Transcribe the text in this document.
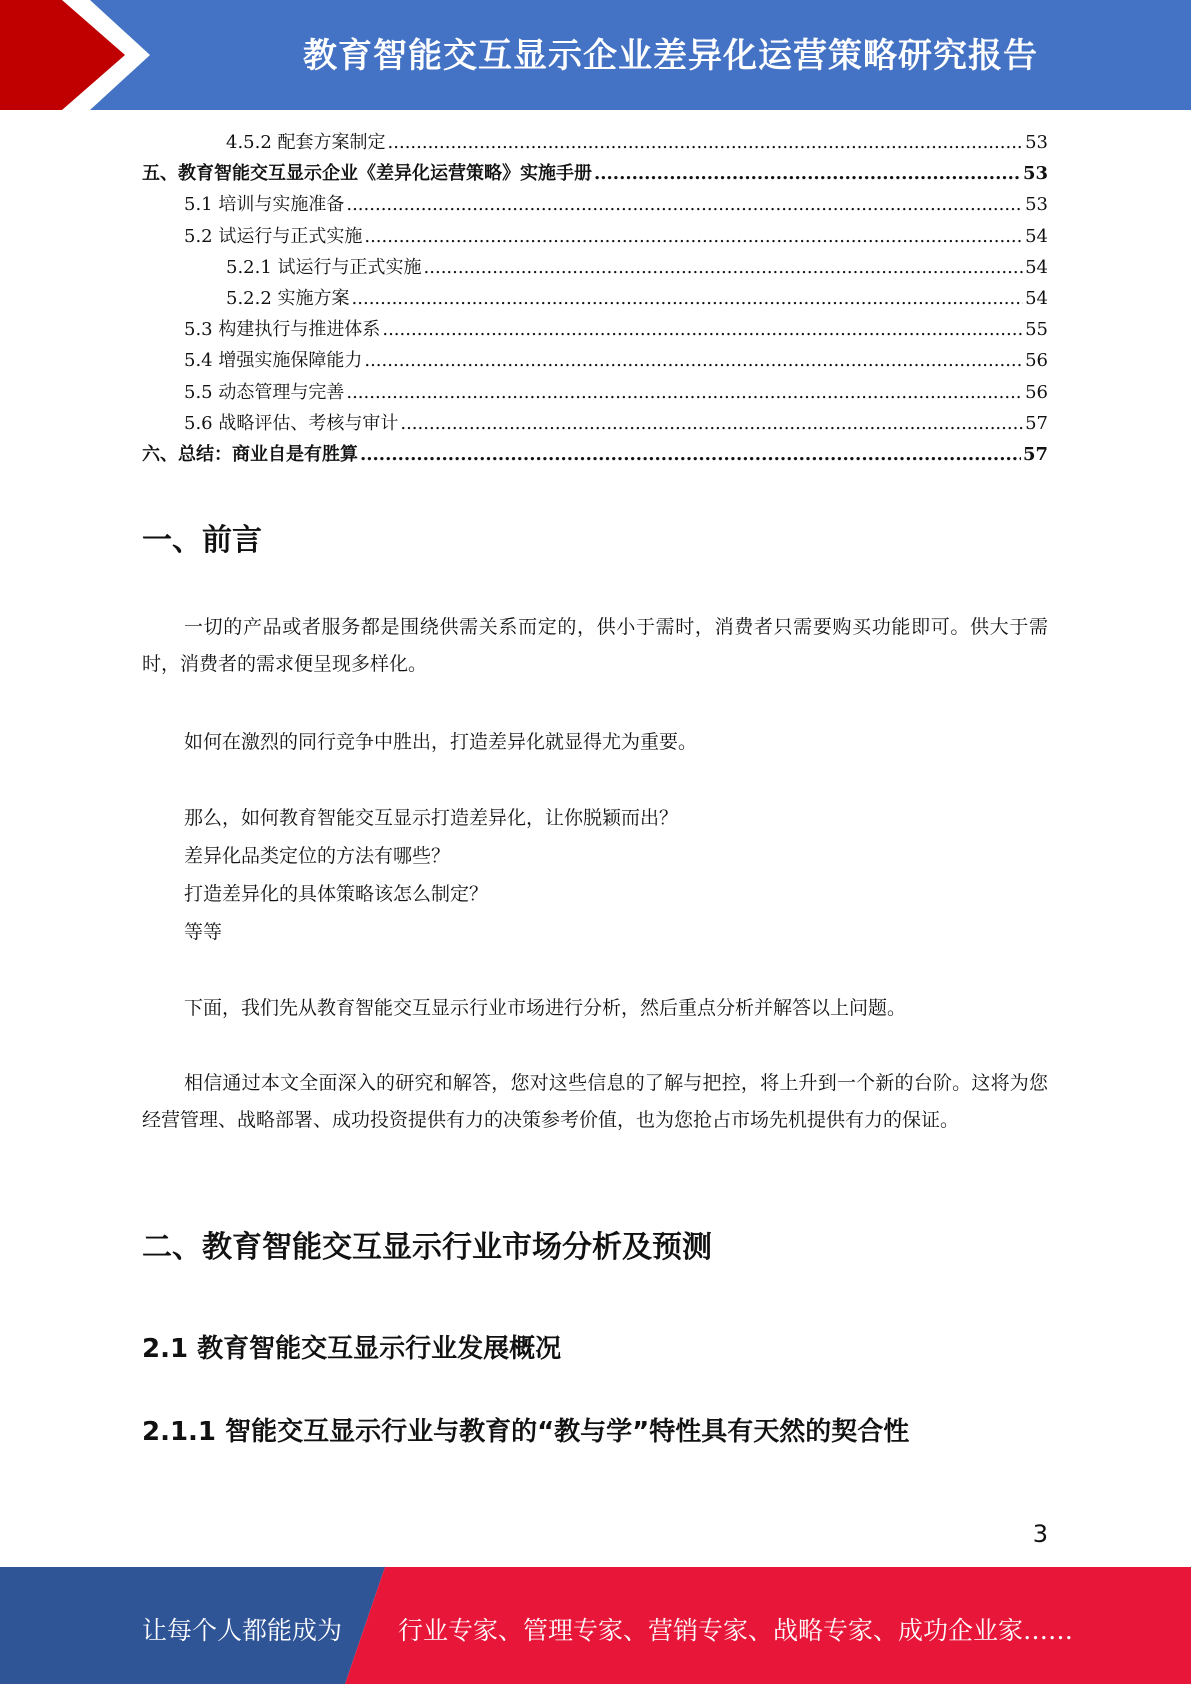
教育智能交互显示企业差异化运营策略研究报告
4.5.2 配套方案制定 .....	53
五、教育智能交互显示企业《差异化运营策略》实施手册 .....	53
5.1 培训与实施准备 .....	53
5.2 试运行与正式实施 .....	54
5.2.1 试运行与正式实施 .....	54
5.2.2 实施方案 .....	54
5.3 构建执行与推进体系 .....	55
5.4 增强实施保障能力 .....	56
5.5 动态管理与完善 .....	56
5.6 战略评估、考核与审计 .....	57
六、总结：商业自是有胜算 .....	57
一、前言
一切的产品或者服务都是围绕供需关系而定的，供小于需时，消费者只需要购买功能即可。供大于需时，消费者的需求便呈现多样化。
如何在激烈的同行竞争中胜出，打造差异化就显得尤为重要。
那么，如何教育智能交互显示打造差异化，让你脱颖而出？
差异化品类定位的方法有哪些？
打造差异化的具体策略该怎么制定？
等等
下面，我们先从教育智能交互显示行业市场进行分析，然后重点分析并解答以上问题。
相信通过本文全面深入的研究和解答，您对这些信息的了解与把控，将上升到一个新的台阶。这将为您经营管理、战略部署、成功投资提供有力的决策参考价值，也为您抢占市场先机提供有力的保证。
二、教育智能交互显示行业市场分析及预测
2.1 教育智能交互显示行业发展概况
2.1.1 智能交互显示行业与教育的“教与学”特性具有天然的契合性
3
让每个人都能成为 行业专家、管理专家、营销专家、战略专家、成功企业家……
